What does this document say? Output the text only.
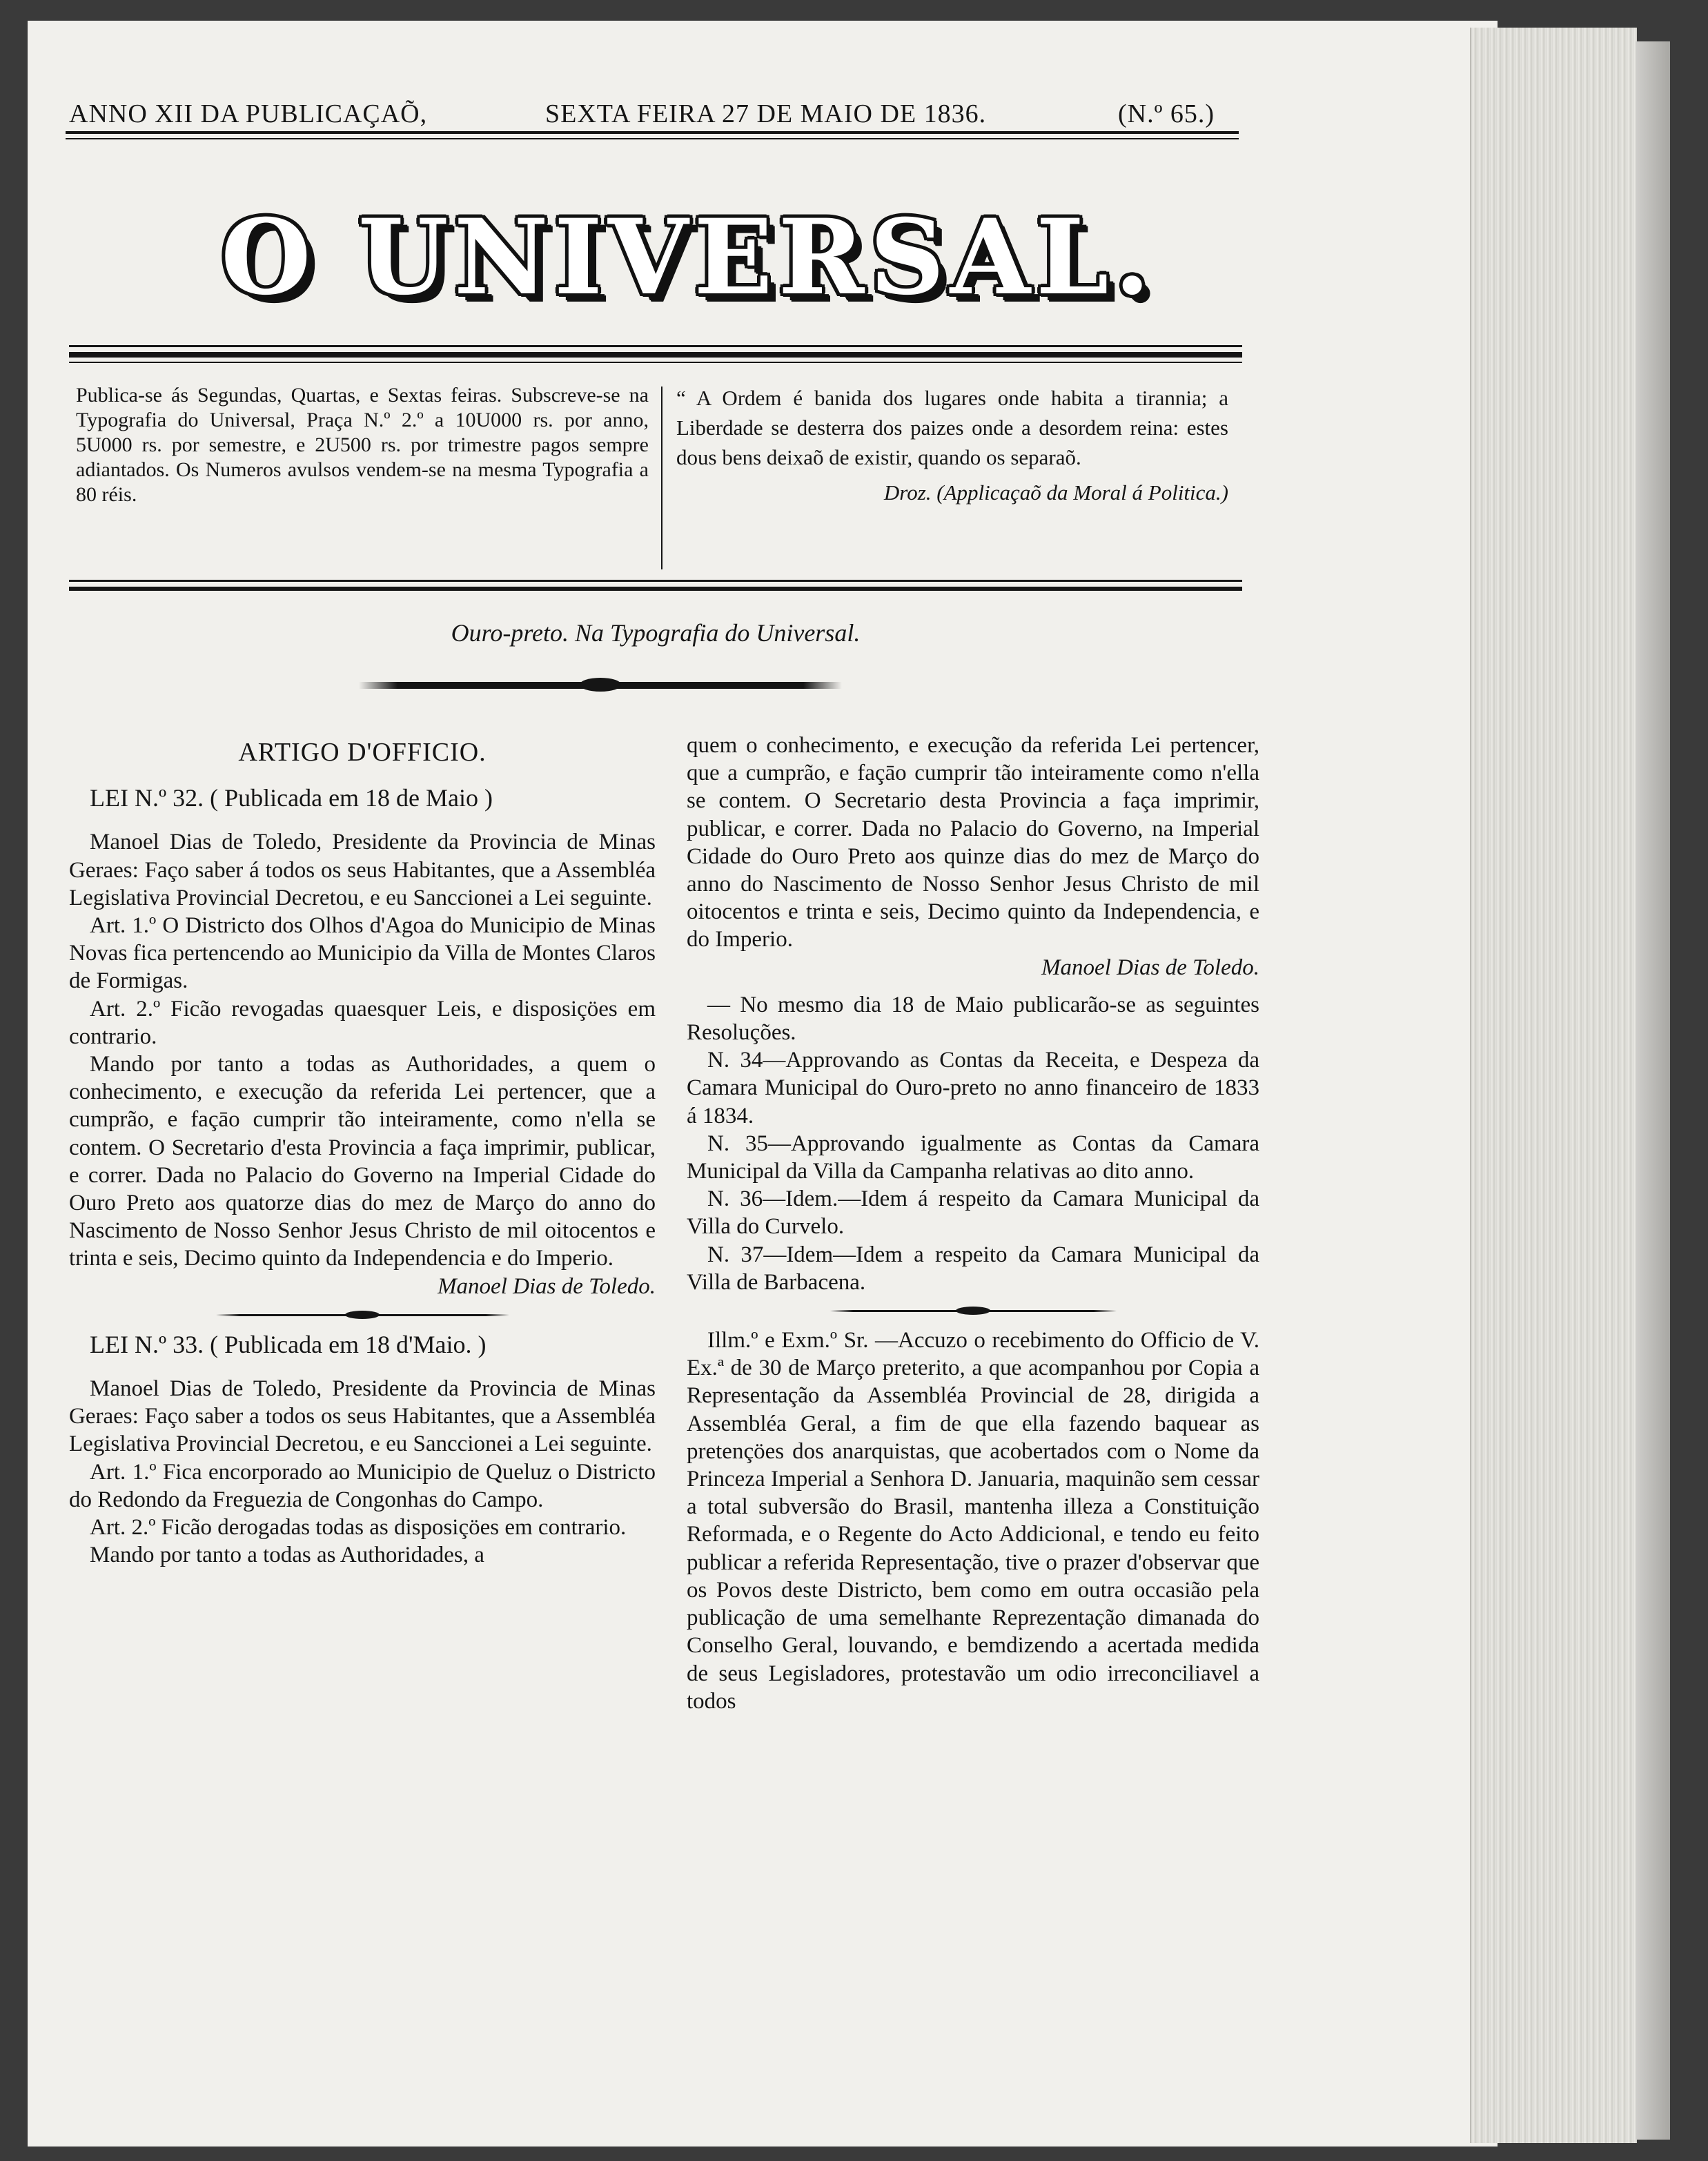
ANNO XII DA PUBLICAÇAÕ,	SEXTA FEIRA 27 DE MAIO DE 1836.	(N.º 65.)
O UNIVERSAL.
Publica-se ás Segundas, Quartas, e Sextas feiras. Subscreve-se na Typografia do Universal, Praça N.º 2.º a 10U000 rs. por anno, 5U000 rs. por semestre, e 2U500 rs. por trimestre pagos sempre adiantados. Os Numeros avulsos vendem-se na mesma Typografia a 80 réis.
“ A Ordem é banida dos lugares onde habita a tirannia; a Liberdade se desterra dos paizes onde a desordem reina: estes dous bens deixaõ de existir, quando os separaõ.
Droz. (Applicaçaõ da Moral á Politica.)
Ouro-preto. Na Typografia do Universal.

ARTIGO D'OFFICIO.

LEI N.º 32. ( Publicada em 18 de Maio )

Manoel Dias de Toledo, Presidente da Provincia de Minas Geraes: Faço saber á todos os seus Habitantes, que a Assembléa Legislativa Provincial Decretou, e eu Sanccionei a Lei seguinte.

Art. 1.º O Districto dos Olhos d'Agoa do Municipio de Minas Novas fica pertencendo ao Municipio da Villa de Montes Claros de Formigas.

Art. 2.º Ficão revogadas quaesquer Leis, e disposiçöes em contrario.

Mando por tanto a todas as Authoridades, a quem o conhecimento, e execução da referida Lei pertencer, que a cumprão, e façāo cumprir tão inteiramente, como n'ella se contem. O Secretario d'esta Provincia a faça imprimir, publicar, e correr. Dada no Palacio do Governo na Imperial Cidade do Ouro Preto aos quatorze dias do mez de Março do anno do Nascimento de Nosso Senhor Jesus Christo de mil oitocentos e trinta e seis, Decimo quinto da Independencia e do Imperio.

Manoel Dias de Toledo.

LEI N.º 33. ( Publicada em 18 d'Maio. )

Manoel Dias de Toledo, Presidente da Provincia de Minas Geraes: Faço saber a todos os seus Habitantes, que a Assembléa Legislativa Provincial Decretou, e eu Sanccionei a Lei seguinte.

Art. 1.º Fica encorporado ao Municipio de Queluz o Districto do Redondo da Freguezia de Congonhas do Campo.

Art. 2.º Ficão derogadas todas as disposiçöes em contrario.

Mando por tanto a todas as Authoridades, a

quem o conhecimento, e execução da referida Lei pertencer, que a cumprão, e façāo cumprir tão inteiramente como n'ella se contem. O Secretario desta Provincia a faça imprimir, publicar, e correr. Dada no Palacio do Governo, na Imperial Cidade do Ouro Preto aos quinze dias do mez de Março do anno do Nascimento de Nosso Senhor Jesus Christo de mil oitocentos e trinta e seis, Decimo quinto da Independencia, e do Imperio.

Manoel Dias de Toledo.

— No mesmo dia 18 de Maio publicarão-se as seguintes Resoluções.

N. 34—Approvando as Contas da Receita, e Despeza da Camara Municipal do Ouro-preto no anno financeiro de 1833 á 1834.

N. 35—Approvando igualmente as Contas da Camara Municipal da Villa da Campanha relativas ao dito anno.

N. 36—Idem.—Idem á respeito da Camara Municipal da Villa do Curvelo.

N. 37—Idem—Idem a respeito da Camara Municipal da Villa de Barbacena.

Illm.º e Exm.º Sr. —Accuzo o recebimento do Officio de V. Ex.ª de 30 de Março preterito, a que acompanhou por Copia a Representação da Assembléa Provincial de 28, dirigida a Assembléa Geral, a fim de que ella fazendo baquear as pretençöes dos anarquistas, que acobertados com o Nome da Princeza Imperial a Senhora D. Januaria, maquinão sem cessar a total subversão do Brasil, mantenha illeza a Constituição Reformada, e o Regente do Acto Addicional, e tendo eu feito publicar a referida Representação, tive o prazer d'observar que os Povos deste Districto, bem como em outra occasião pela publicação de uma semelhante Reprezentação dimanada do Conselho Geral, louvando, e bemdizendo a acertada medida de seus Legisladores, protestavão um odio irreconciliavel a todos
